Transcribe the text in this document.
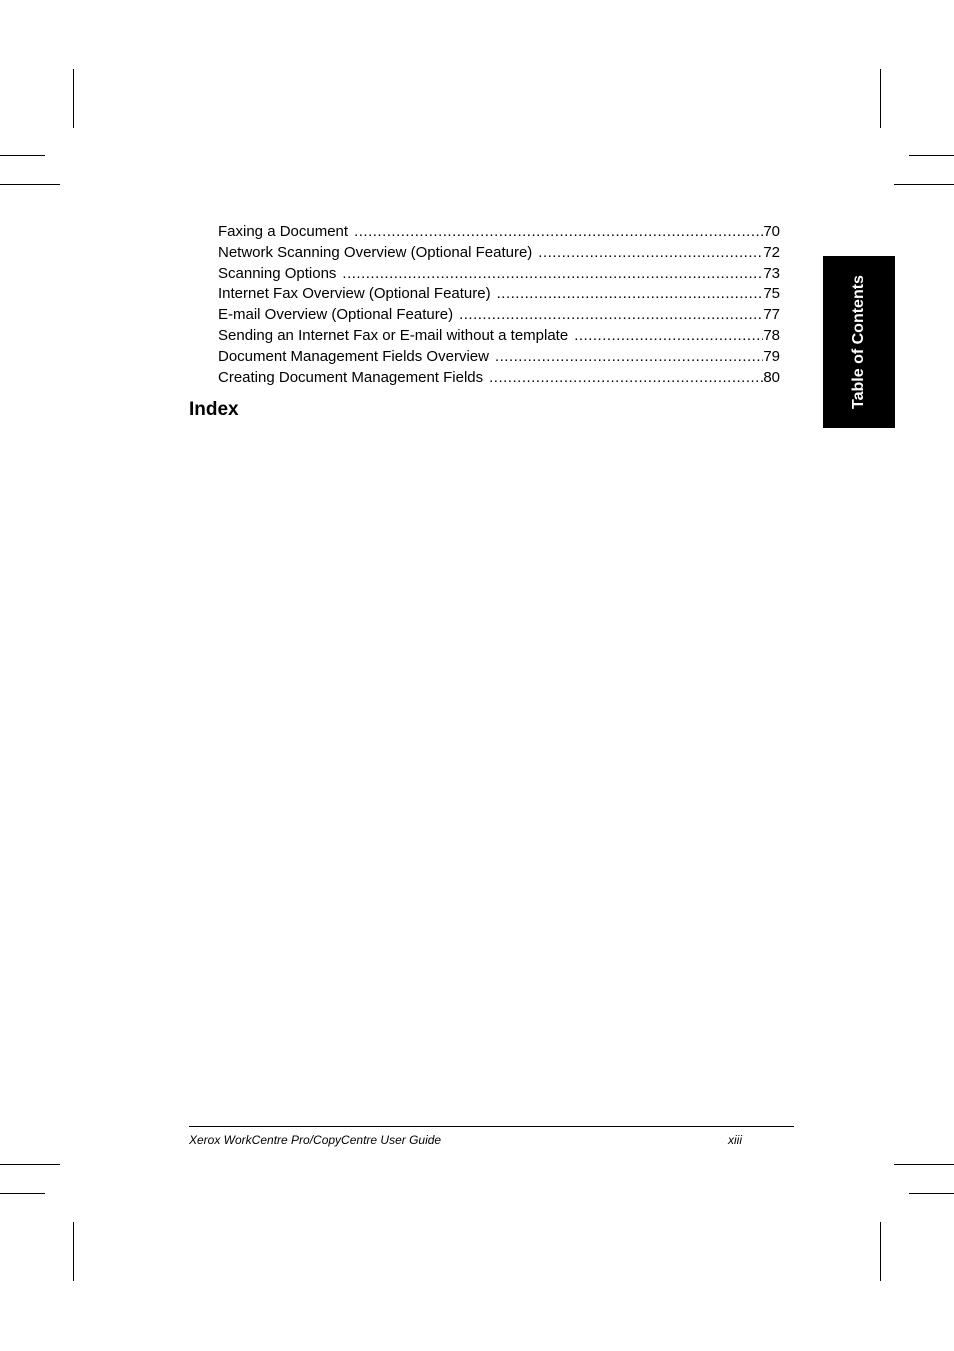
Faxing a Document .....	70
Network Scanning Overview (Optional Feature) .....	72
Scanning Options .....	73
Internet Fax Overview (Optional Feature) .....	75
E-mail Overview (Optional Feature) .....	77
Sending an Internet Fax or E-mail without a template .....	78
Document Management Fields Overview .....	79
Creating Document Management Fields .....	80
Index
Table of Contents
Xerox WorkCentre Pro/CopyCentre User Guide	xiii
